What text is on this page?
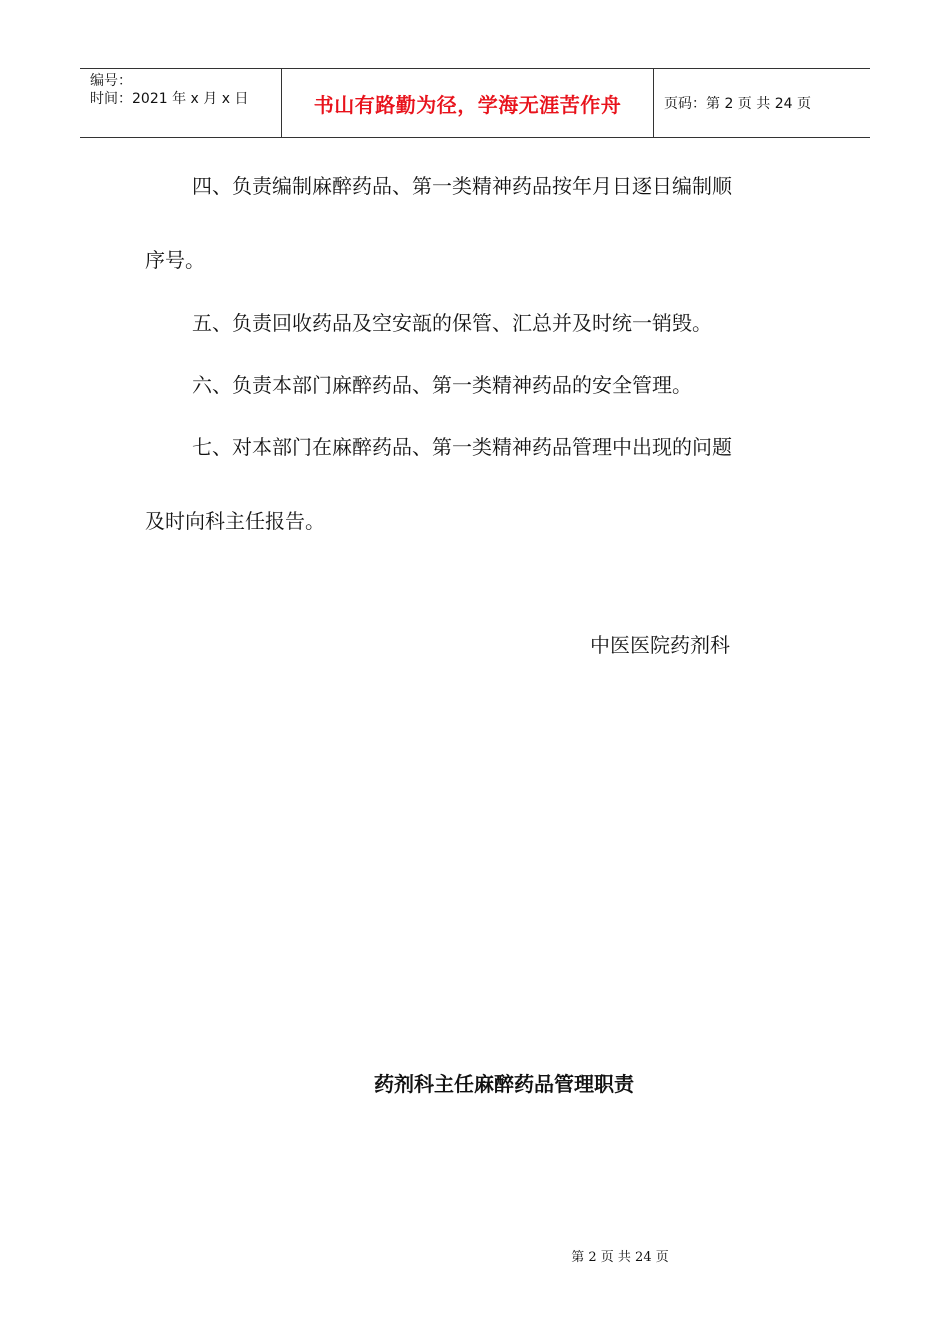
编号：
时间：2021 年 x 月 x 日	书山有路勤为径，学海无涯苦作舟	页码：第 2 页 共 24 页
四、负责编制麻醉药品、第一类精神药品按年月日逐日编制顺
序号。
五、负责回收药品及空安瓿的保管、汇总并及时统一销毁。
六、负责本部门麻醉药品、第一类精神药品的安全管理。
七、对本部门在麻醉药品、第一类精神药品管理中出现的问题
及时向科主任报告。
中医医院药剂科
药剂科主任麻醉药品管理职责
第 2 页 共 24 页
